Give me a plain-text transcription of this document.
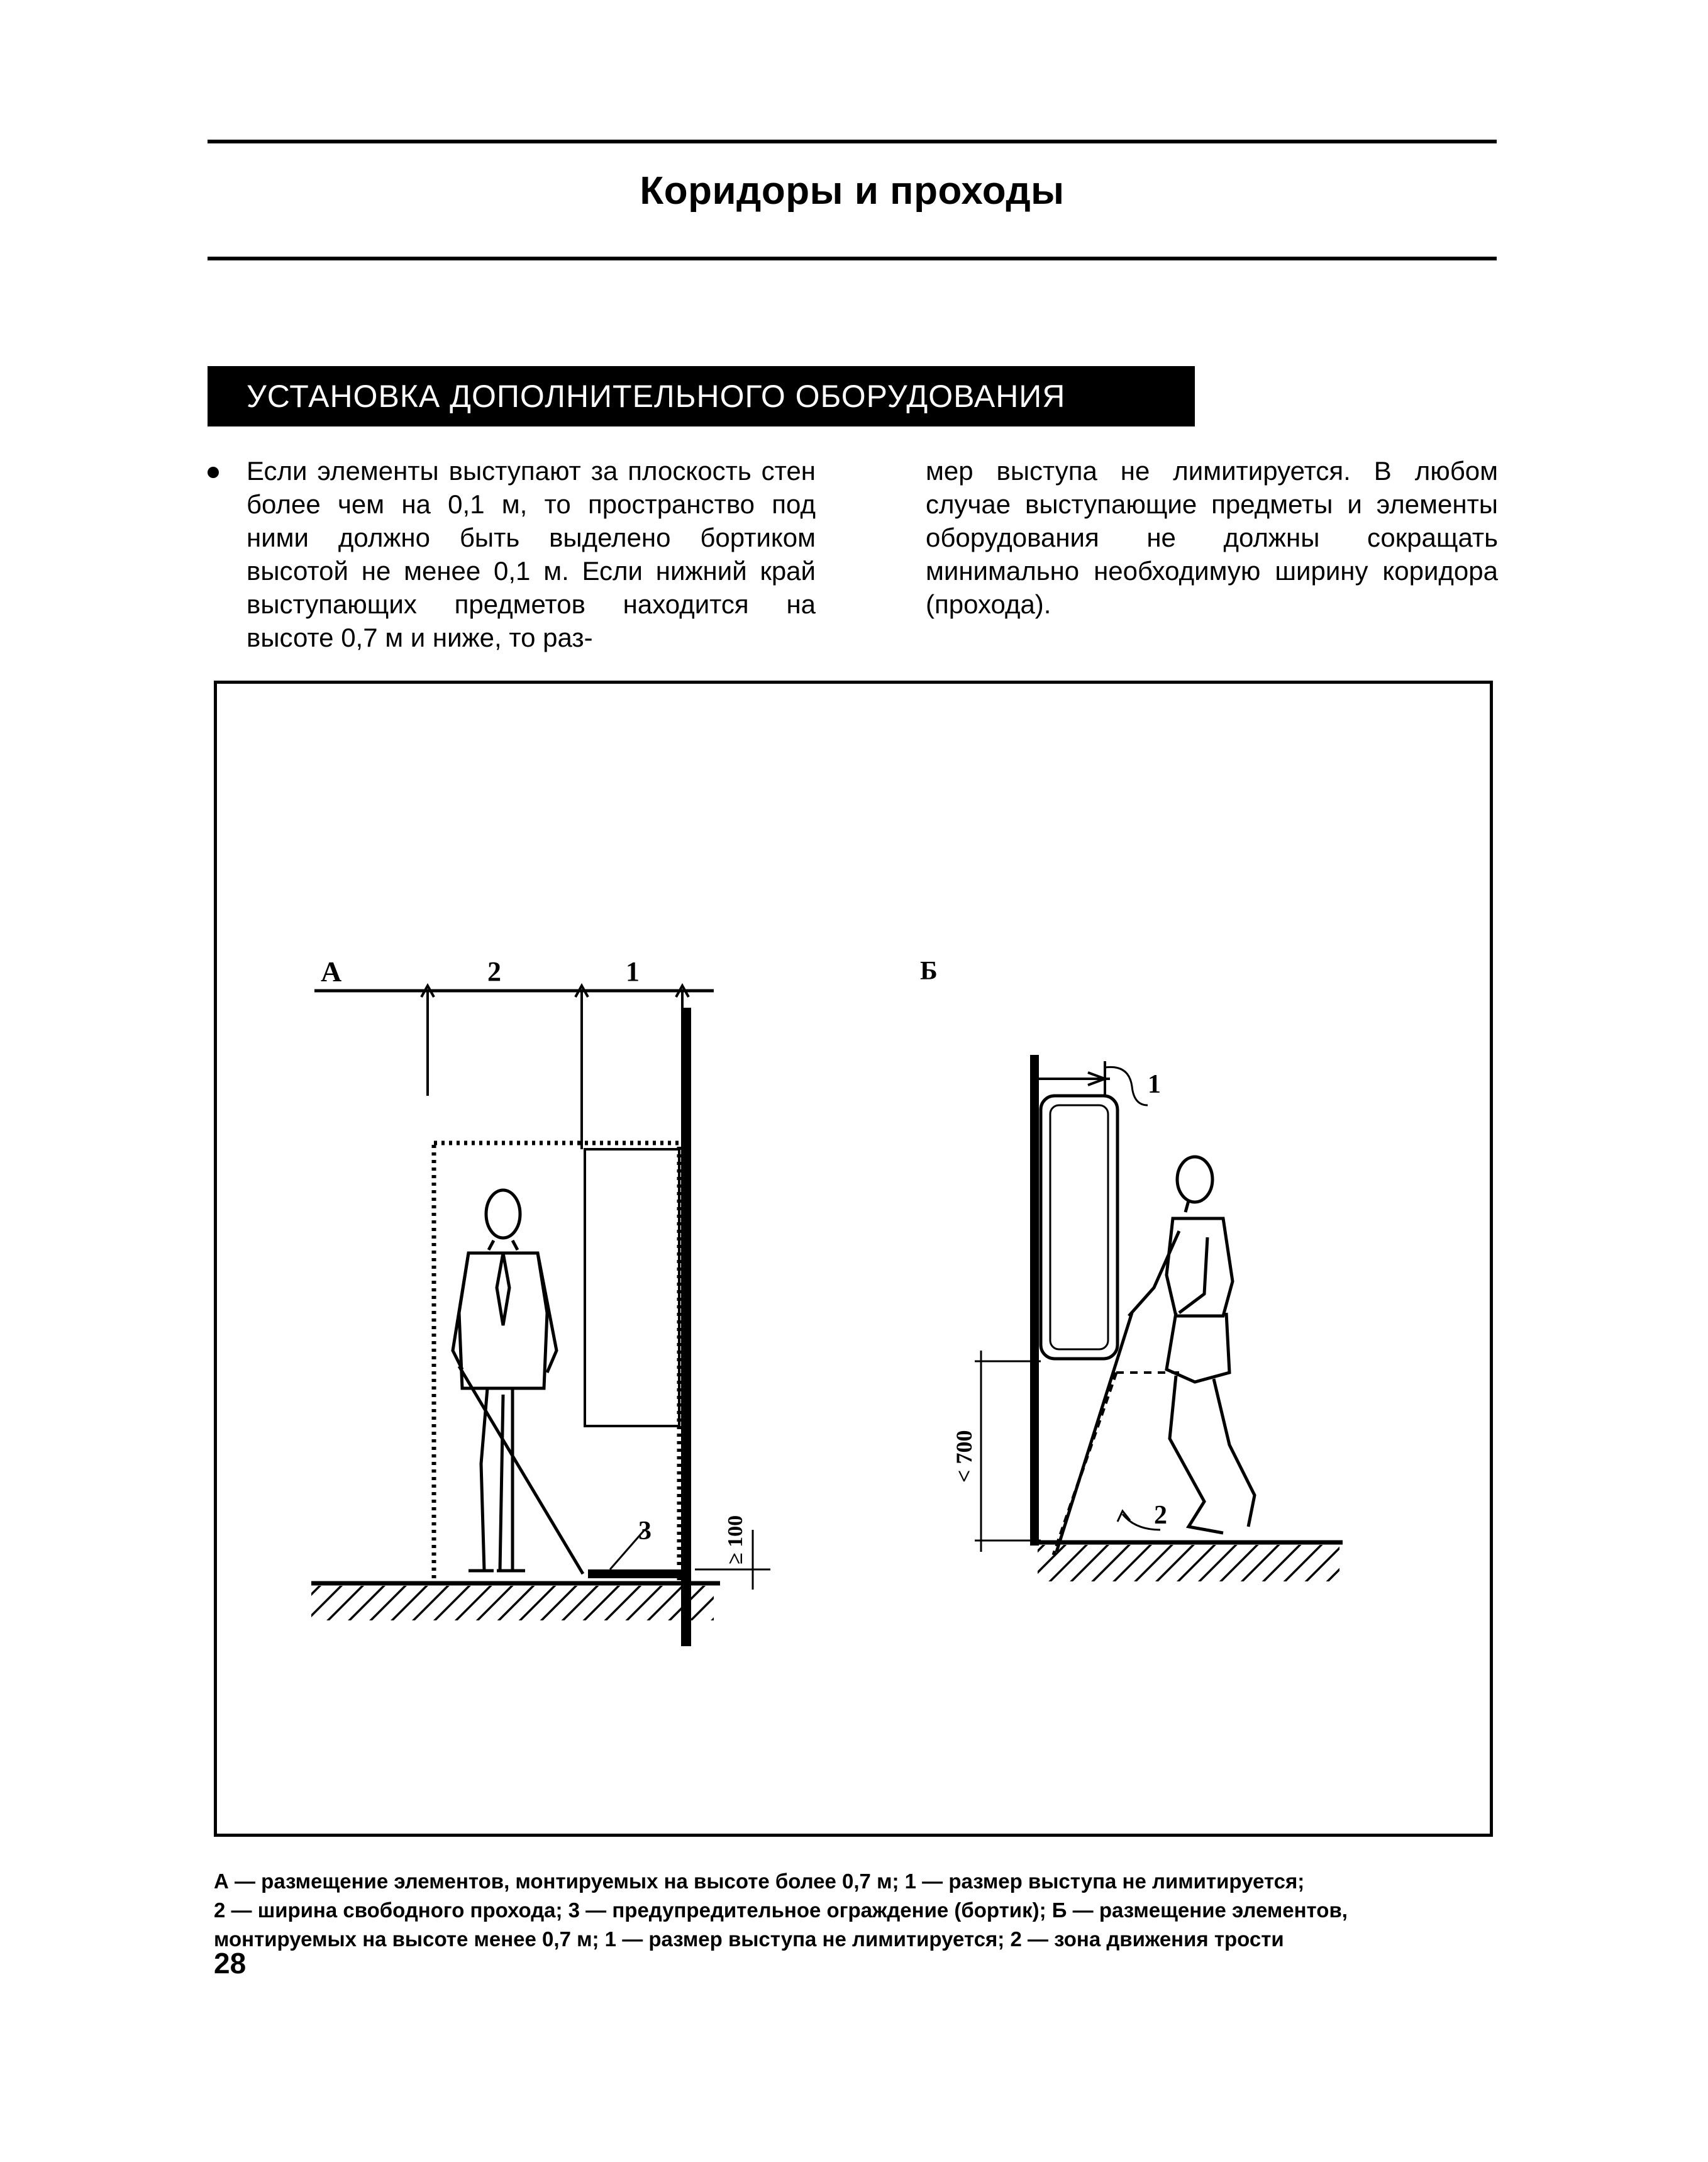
Коридоры и проходы
УСТАНОВКА ДОПОЛНИТЕЛЬНОГО ОБОРУДОВАНИЯ

Если элементы выступают за плоскость стен более чем на 0,1 м, то пространство под ними должно быть выделено бортиком высотой не менее 0,1 м. Если нижний край выступающих предметов находится на высоте 0,7 м и ниже, то раз-

мер выступа не лимитируется. В любом случае выступающие предметы и элементы оборудования не должны сокращать минимально необходимую ширину коридора (прохода).

А	2	1
3	≥ 100
Б
1
< 700
2
А — размещение элементов, монтируемых на высоте более 0,7 м; 1 — размер выступа не лимитируется;
2 — ширина свободного прохода; 3 — предупредительное ограждение (бортик); Б — размещение элементов,
монтируемых на высоте менее 0,7 м; 1 — размер выступа не лимитируется; 2 — зона движения трости
28
